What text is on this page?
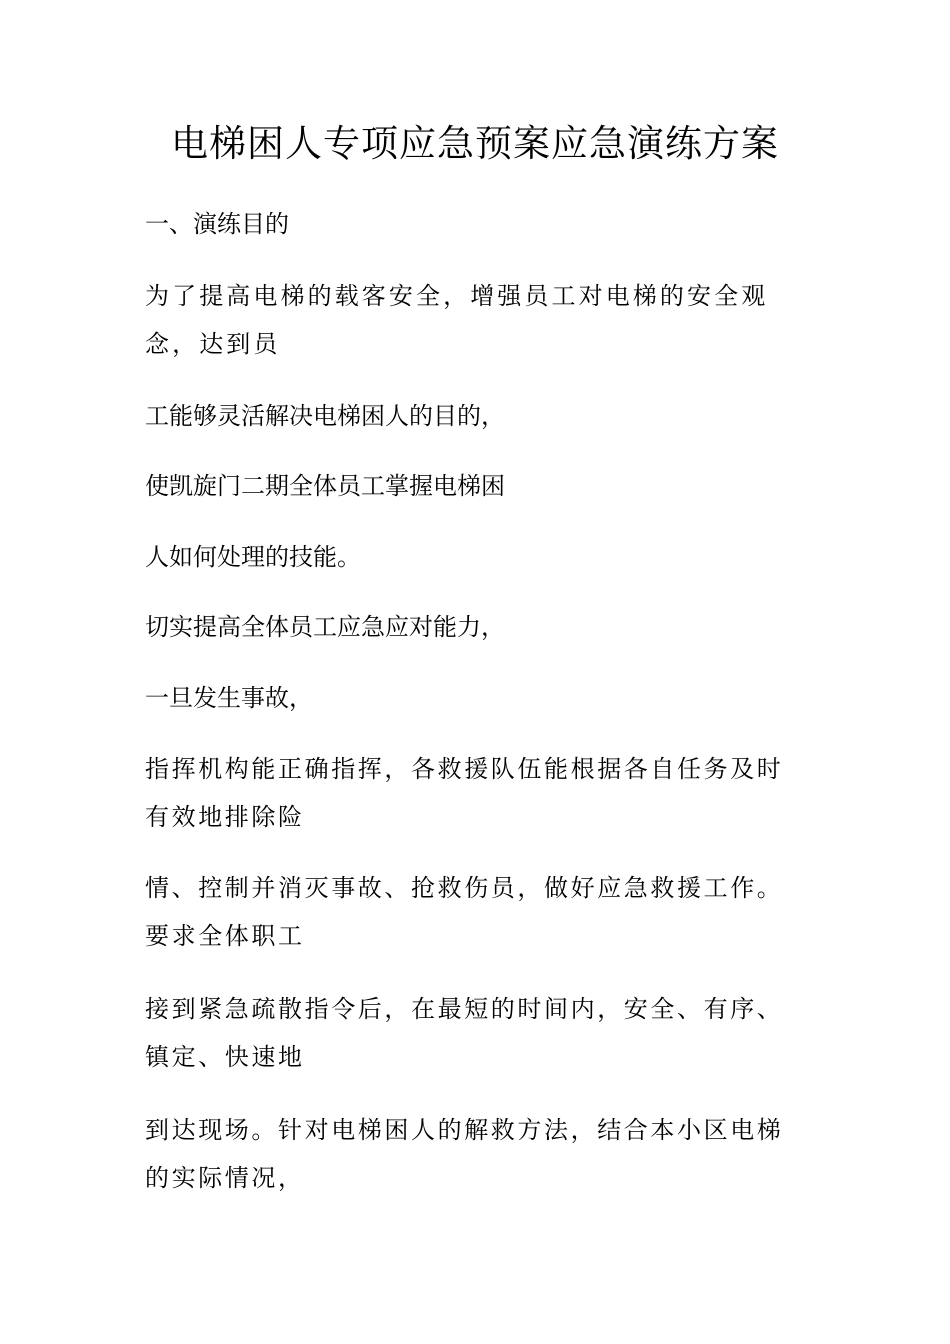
电梯困人专项应急预案应急演练方案
一、演练目的
为了提高电梯的载客安全，增强员工对电梯的安全观
念，达到员
工能够灵活解决电梯困人的目的，
使凯旋门二期全体员工掌握电梯困
人如何处理的技能。
切实提高全体员工应急应对能力，
一旦发生事故，
指挥机构能正确指挥，各救援队伍能根据各自任务及时
有效地排除险
情、控制并消灭事故、抢救伤员，做好应急救援工作。
要求全体职工
接到紧急疏散指令后，在最短的时间内，安全、有序、
镇定、快速地
到达现场。针对电梯困人的解救方法，结合本小区电梯
的实际情况，
